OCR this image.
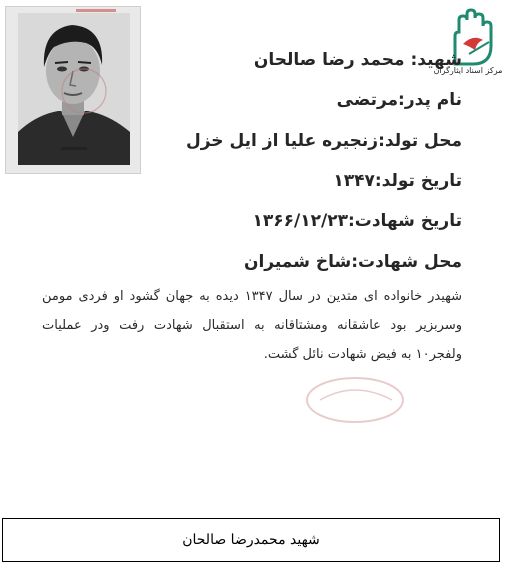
مرکز اسناد ایثارگران
شهید: محمد رضا صالحان
نام پدر:مرتضی
محل تولد:زنجیره علیا از ایل خزل
تاریخ تولد:۱۳۴۷
تاریخ شهادت:۱۳۶۶/۱۲/۲۳
محل شهادت:شاخ شمیران
شهیدر خانواده ای متدین در سال ۱۳۴۷ دیده به جهان گشود او فردی مومن وسربزیر بود عاشقانه ومشتاقانه به استقبال شهادت رفت ودر عملیات ولفجر۱۰ به فیض شهادت نائل گشت.
شهید محمدرضا صالحان
